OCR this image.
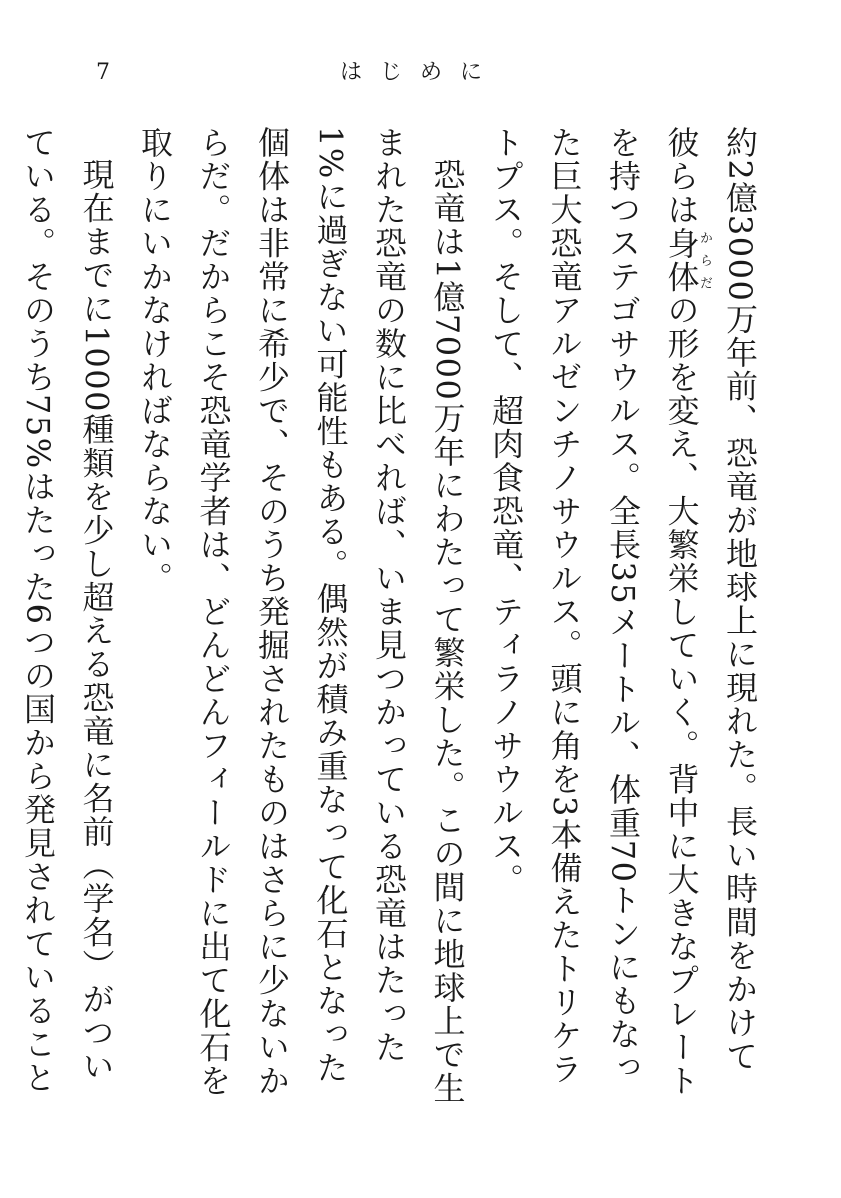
7	はじめに

約2億3000万年前、恐竜が地球上に現れた。長い時間をかけて彼らは身体からだの形を変え、大繁栄していく。背中に大きなプレートを持つステゴサウルス。全長35メートル、体重70トンにもなった巨大恐竜アルゼンチノサウルス。頭に角を3本備えたトリケラトプス。そして、超肉食恐竜、ティラノサウルス。

恐竜は1億7000万年にわたって繁栄した。この間に地球上で生まれた恐竜の数に比べれば、いま見つかっている恐竜はたった1%に過ぎない可能性もある。偶然が積み重なって化石となった個体は非常に希少で、そのうち発掘されたものはさらに少ないからだ。だからこそ恐竜学者は、どんどんフィールドに出て化石を取りにいかなければならない。

現在までに1000種類を少し超える恐竜に名前（学名）がついている。そのうち75%はたった6つの国から発見されていること
